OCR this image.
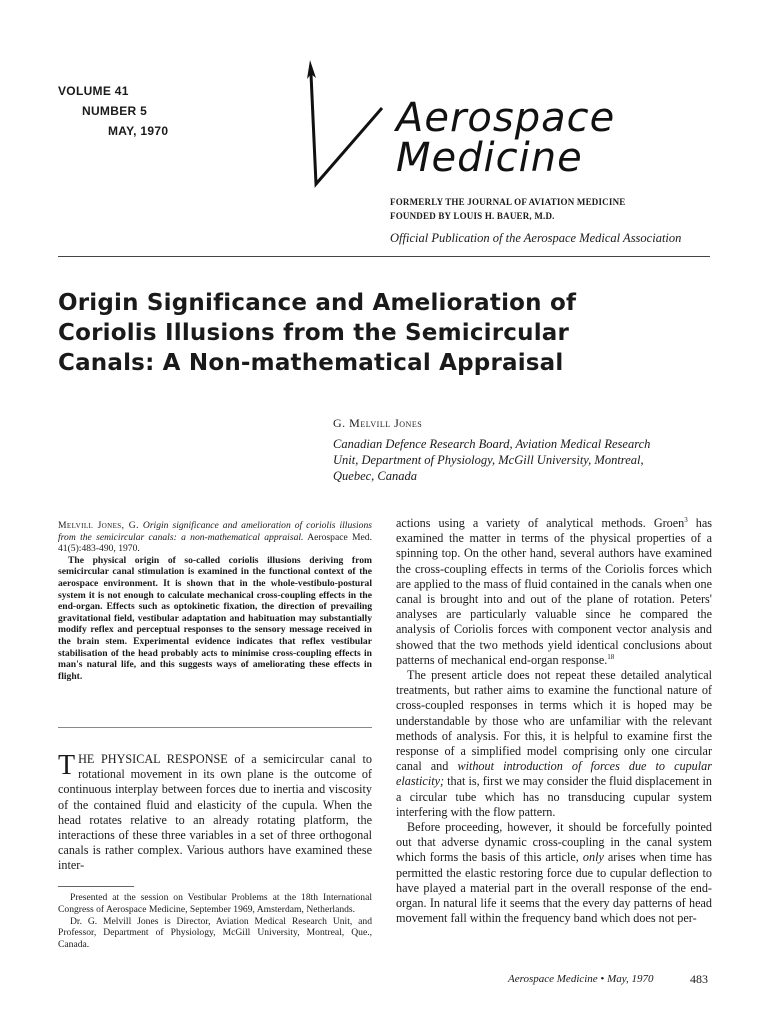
VOLUME 41
NUMBER 5
MAY, 1970	Aerospace
Medicine
FORMERLY THE JOURNAL OF AVIATION MEDICINE
FOUNDED BY LOUIS H. BAUER, M.D.
Official Publication of the Aerospace Medical Association
Origin Significance and Amelioration of
Coriolis Illusions from the Semicircular
Canals: A Non-mathematical Appraisal
G. Melvill Jones
Canadian Defence Research Board, Aviation Medical Research
Unit, Department of Physiology, McGill University, Montreal,
Quebec, Canada
Melvill Jones, G. Origin significance and amelioration of coriolis illusions from the semicircular canals: a non-mathematical appraisal. Aerospace Med. 41(5):483-490, 1970.
The physical origin of so-called coriolis illusions deriving from semicircular canal stimulation is examined in the functional context of the aerospace environment. It is shown that in the whole-vestibulo-postural system it is not enough to calculate mechanical cross-coupling effects in the end-organ. Effects such as optokinetic fixation, the direction of prevailing gravitational field, vestibular adaptation and habituation may substantially modify reflex and perceptual responses to the sensory message received in the brain stem. Experimental evidence indicates that reflex vestibular stabilisation of the head probably acts to minimise cross-coupling effects in man's natural life, and this suggests ways of ameliorating these effects in flight.

THE PHYSICAL RESPONSE of a semicircular canal to rotational movement in its own plane is the outcome of continuous interplay between forces due to inertia and viscosity of the contained fluid and elasticity of the cupula. When the head rotates relative to an already rotating platform, the interactions of these three variables in a set of three orthogonal canals is rather complex. Various authors have examined these inter-

Presented at the session on Vestibular Problems at the 18th International Congress of Aerospace Medicine, September 1969, Amsterdam, Netherlands.

Dr. G. Melvill Jones is Director, Aviation Medical Research Unit, and Professor, Department of Physiology, McGill University, Montreal, Que., Canada.

actions using a variety of analytical methods. Groen$^3$ has examined the matter in terms of the physical properties of a spinning top. On the other hand, several authors have examined the cross-coupling effects in terms of the Coriolis forces which are applied to the mass of fluid contained in the canals when one canal is brought into and out of the plane of rotation. Peters' analyses are particularly valuable since he compared the analysis of Coriolis forces with component vector analysis and showed that the two methods yield identical conclusions about patterns of mechanical end-organ response.$^{18}$

The present article does not repeat these detailed analytical treatments, but rather aims to examine the functional nature of cross-coupled responses in terms which it is hoped may be understandable by those who are unfamiliar with the relevant methods of analysis. For this, it is helpful to examine first the response of a simplified model comprising only one circular canal and without introduction of forces due to cupular elasticity; that is, first we may consider the fluid displacement in a circular tube which has no transducing cupular system interfering with the flow pattern.

Before proceeding, however, it should be forcefully pointed out that adverse dynamic cross-coupling in the canal system which forms the basis of this article, only arises when time has permitted the elastic restoring force due to cupular deflection to have played a material part in the overall response of the end-organ. In natural life it seems that the every day patterns of head movement fall within the frequency band which does not per-

Aerospace Medicine • May, 1970	483
